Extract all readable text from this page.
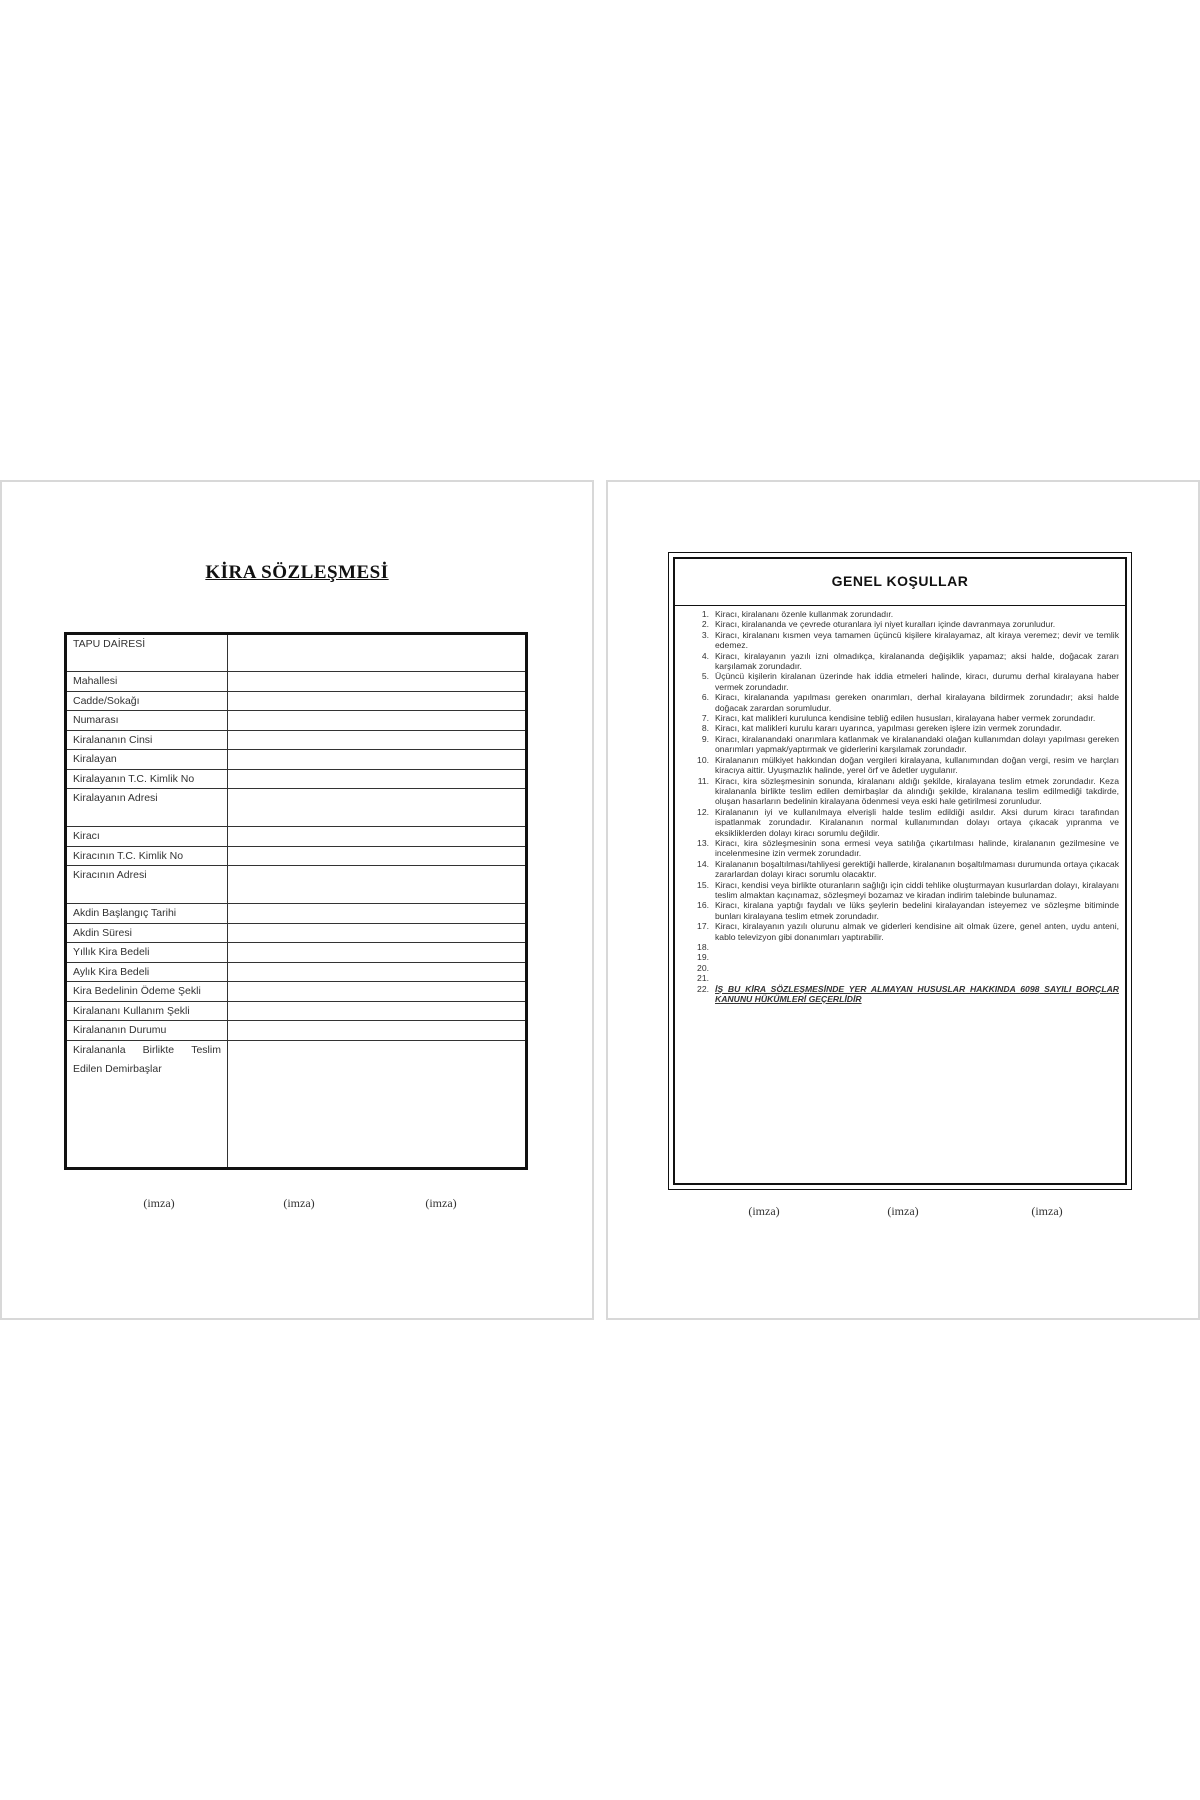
KİRA SÖZLEŞMESİ
TAPU DAİRESİ	
Mahallesi	
Cadde/Sokağı	
Numarası	
Kiralananın Cinsi	
Kiralayan	
Kiralayanın T.C. Kimlik No	
Kiralayanın Adresi	
Kiracı	
Kiracının T.C. Kimlik No	
Kiracının Adresi	
Akdin Başlangıç Tarihi	
Akdin Süresi	
Yıllık Kira Bedeli	
Aylık Kira Bedeli	
Kira Bedelinin Ödeme Şekli	
Kiralananı Kullanım Şekli	
Kiralananın Durumu	

Kiralananla Birlikte Teslim
Edilen Demirbaşlar	

(imza)	(imza)	(imza)
GENEL KOŞULLAR
1. Kiracı, kiralananı özenle kullanmak zorundadır.
2. Kiracı, kiralananda ve çevrede oturanlara iyi niyet kuralları içinde davranmaya zorunludur.
3. Kiracı, kiralananı kısmen veya tamamen üçüncü kişilere kiralayamaz, alt kiraya veremez; devir ve temlik edemez.
4. Kiracı, kiralayanın yazılı izni olmadıkça, kiralananda değişiklik yapamaz; aksi halde, doğacak zararı karşılamak zorundadır.
5. Üçüncü kişilerin kiralanan üzerinde hak iddia etmeleri halinde, kiracı, durumu derhal kiralayana haber vermek zorundadır.
6. Kiracı, kiralananda yapılması gereken onarımları, derhal kiralayana bildirmek zorundadır; aksi halde doğacak zarardan sorumludur.
7. Kiracı, kat malikleri kurulunca kendisine tebliğ edilen hususları, kiralayana haber vermek zorundadır.
8. Kiracı, kat malikleri kurulu kararı uyarınca, yapılması gereken işlere izin vermek zorundadır.
9. Kiracı, kiralanandaki onarımlara katlanmak ve kiralanandaki olağan kullanımdan dolayı yapılması gereken onarımları yapmak/yaptırmak ve giderlerini karşılamak zorundadır.
10. Kiralananın mülkiyet hakkından doğan vergileri kiralayana, kullanımından doğan vergi, resim ve harçları kiracıya aittir. Uyuşmazlık halinde, yerel örf ve âdetler uygulanır.
11. Kiracı, kira sözleşmesinin sonunda, kiralananı aldığı şekilde, kiralayana teslim etmek zorundadır. Keza kiralananla birlikte teslim edilen demirbaşlar da alındığı şekilde, kiralanana teslim edilmediği takdirde, oluşan hasarların bedelinin kiralayana ödenmesi veya eski hale getirilmesi zorunludur.
12. Kiralananın iyi ve kullanılmaya elverişli halde teslim edildiği asıldır. Aksi durum kiracı tarafından ispatlanmak zorundadır. Kiralananın normal kullanımından dolayı ortaya çıkacak yıpranma ve eksikliklerden dolayı kiracı sorumlu değildir.
13. Kiracı, kira sözleşmesinin sona ermesi veya satılığa çıkartılması halinde, kiralananın gezilmesine ve incelenmesine izin vermek zorundadır.
14. Kiralananın boşaltılması/tahliyesi gerektiği hallerde, kiralananın boşaltılmaması durumunda ortaya çıkacak zararlardan dolayı kiracı sorumlu olacaktır.
15. Kiracı, kendisi veya birlikte oturanların sağlığı için ciddi tehlike oluşturmayan kusurlardan dolayı, kiralayanı teslim almaktan kaçınamaz, sözleşmeyi bozamaz ve kiradan indirim talebinde bulunamaz.
16. Kiracı, kiralana yaptığı faydalı ve lüks şeylerin bedelini kiralayandan isteyemez ve sözleşme bitiminde bunları kiralayana teslim etmek zorundadır.
17. Kiracı, kiralayanın yazılı olurunu almak ve giderleri kendisine ait olmak üzere, genel anten, uydu anteni, kablo televizyon gibi donanımları yaptırabilir.
18.
19.
20.
21.
22. İŞ BU KİRA SÖZLEŞMESİNDE YER ALMAYAN HUSUSLAR HAKKINDA 6098 SAYILI BORÇLAR KANUNU HÜKÜMLERİ GEÇERLİDİR
(imza)	(imza)	(imza)
